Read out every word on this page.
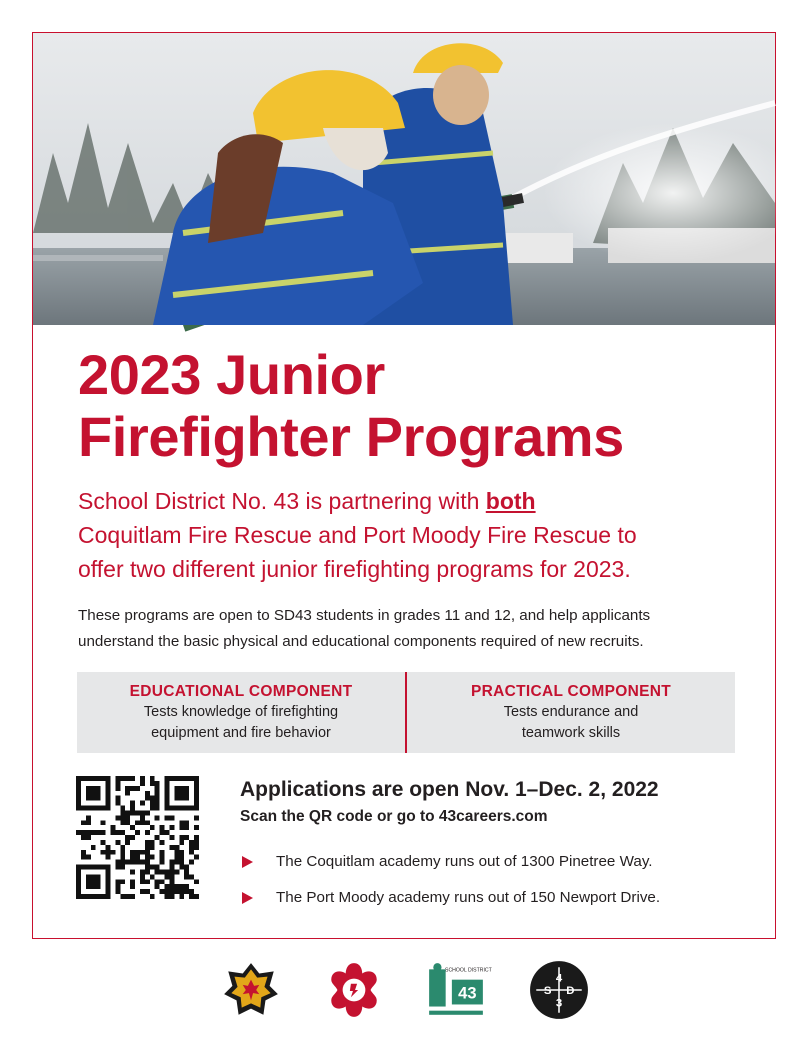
2023 Junior
Firefighter Programs
School District No. 43 is partnering with both
Coquitlam Fire Rescue and Port Moody Fire Rescue to
offer two different junior firefighting programs for 2023.
These programs are open to SD43 students in grades 11 and 12, and help applicants
understand the basic physical and educational components required of new recruits.
EDUCATIONAL COMPONENT
Tests knowledge of firefighting
equipment and fire behavior
PRACTICAL COMPONENT
Tests endurance and
teamwork skills
Applications are open Nov. 1–Dec. 2, 2022
Scan the QR code or go to 43careers.com
The Coquitlam academy runs out of 1300 Pinetree Way.
The Port Moody academy runs out of 150 Newport Drive.
43
SCHOOL DISTRICT
4
S D
3
